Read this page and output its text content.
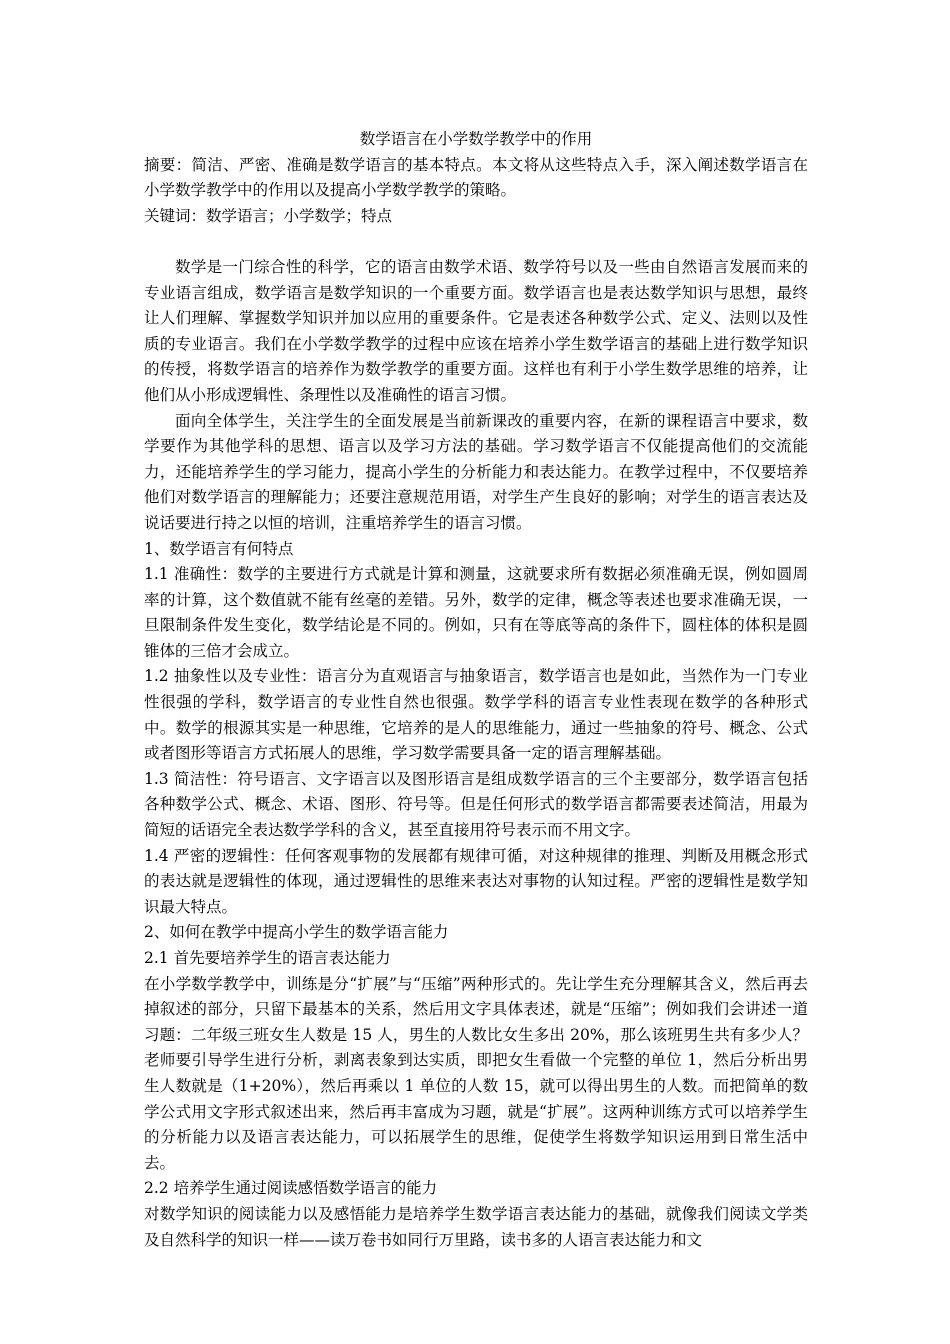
数学语言在小学数学教学中的作用

摘要：简洁、严密、准确是数学语言的基本特点。本文将从这些特点入手，深入阐述数学语言在小学数学教学中的作用以及提高小学数学教学的策略。

关键词：数学语言；小学数学；特点

数学是一门综合性的科学，它的语言由数学术语、数学符号以及一些由自然语言发展而来的专业语言组成，数学语言是数学知识的一个重要方面。数学语言也是表达数学知识与思想，最终让人们理解、掌握数学知识并加以应用的重要条件。它是表述各种数学公式、定义、法则以及性质的专业语言。我们在小学数学教学的过程中应该在培养小学生数学语言的基础上进行数学知识的传授，将数学语言的培养作为数学教学的重要方面。这样也有利于小学生数学思维的培养，让他们从小形成逻辑性、条理性以及准确性的语言习惯。

面向全体学生，关注学生的全面发展是当前新课改的重要内容，在新的课程语言中要求，数学要作为其他学科的思想、语言以及学习方法的基础。学习数学语言不仅能提高他们的交流能力，还能培养学生的学习能力，提高小学生的分析能力和表达能力。在教学过程中，不仅要培养他们对数学语言的理解能力；还要注意规范用语，对学生产生良好的影响；对学生的语言表达及说话要进行持之以恒的培训，注重培养学生的语言习惯。

1、数学语言有何特点

1.1 准确性：数学的主要进行方式就是计算和测量，这就要求所有数据必须准确无误，例如圆周率的计算，这个数值就不能有丝毫的差错。另外，数学的定律，概念等表述也要求准确无误，一旦限制条件发生变化，数学结论是不同的。例如，只有在等底等高的条件下，圆柱体的体积是圆锥体的三倍才会成立。

1.2 抽象性以及专业性：语言分为直观语言与抽象语言，数学语言也是如此，当然作为一门专业性很强的学科，数学语言的专业性自然也很强。数学学科的语言专业性表现在数学的各种形式中。数学的根源其实是一种思维，它培养的是人的思维能力，通过一些抽象的符号、概念、公式或者图形等语言方式拓展人的思维，学习数学需要具备一定的语言理解基础。

1.3 简洁性：符号语言、文字语言以及图形语言是组成数学语言的三个主要部分，数学语言包括各种数学公式、概念、术语、图形、符号等。但是任何形式的数学语言都需要表述简洁，用最为简短的话语完全表达数学学科的含义，甚至直接用符号表示而不用文字。

1.4 严密的逻辑性：任何客观事物的发展都有规律可循，对这种规律的推理、判断及用概念形式的表达就是逻辑性的体现，通过逻辑性的思维来表达对事物的认知过程。严密的逻辑性是数学知识最大特点。

2、如何在教学中提高小学生的数学语言能力

2.1 首先要培养学生的语言表达能力

在小学数学教学中，训练是分“扩展”与“压缩”两种形式的。先让学生充分理解其含义，然后再去掉叙述的部分，只留下最基本的关系，然后用文字具体表述，就是“压缩”；例如我们会讲述一道习题：二年级三班女生人数是 15 人，男生的人数比女生多出 20%，那么该班男生共有多少人？老师要引导学生进行分析，剥离表象到达实质，即把女生看做一个完整的单位 1，然后分析出男生人数就是（1+20%），然后再乘以 1 单位的人数 15，就可以得出男生的人数。而把简单的数学公式用文字形式叙述出来，然后再丰富成为习题，就是“扩展”。这两种训练方式可以培养学生的分析能力以及语言表达能力，可以拓展学生的思维，促使学生将数学知识运用到日常生活中去。

2.2 培养学生通过阅读感悟数学语言的能力

对数学知识的阅读能力以及感悟能力是培养学生数学语言表达能力的基础，就像我们阅读文学类及自然科学的知识一样——读万卷书如同行万里路，读书多的人语言表达能力和文
